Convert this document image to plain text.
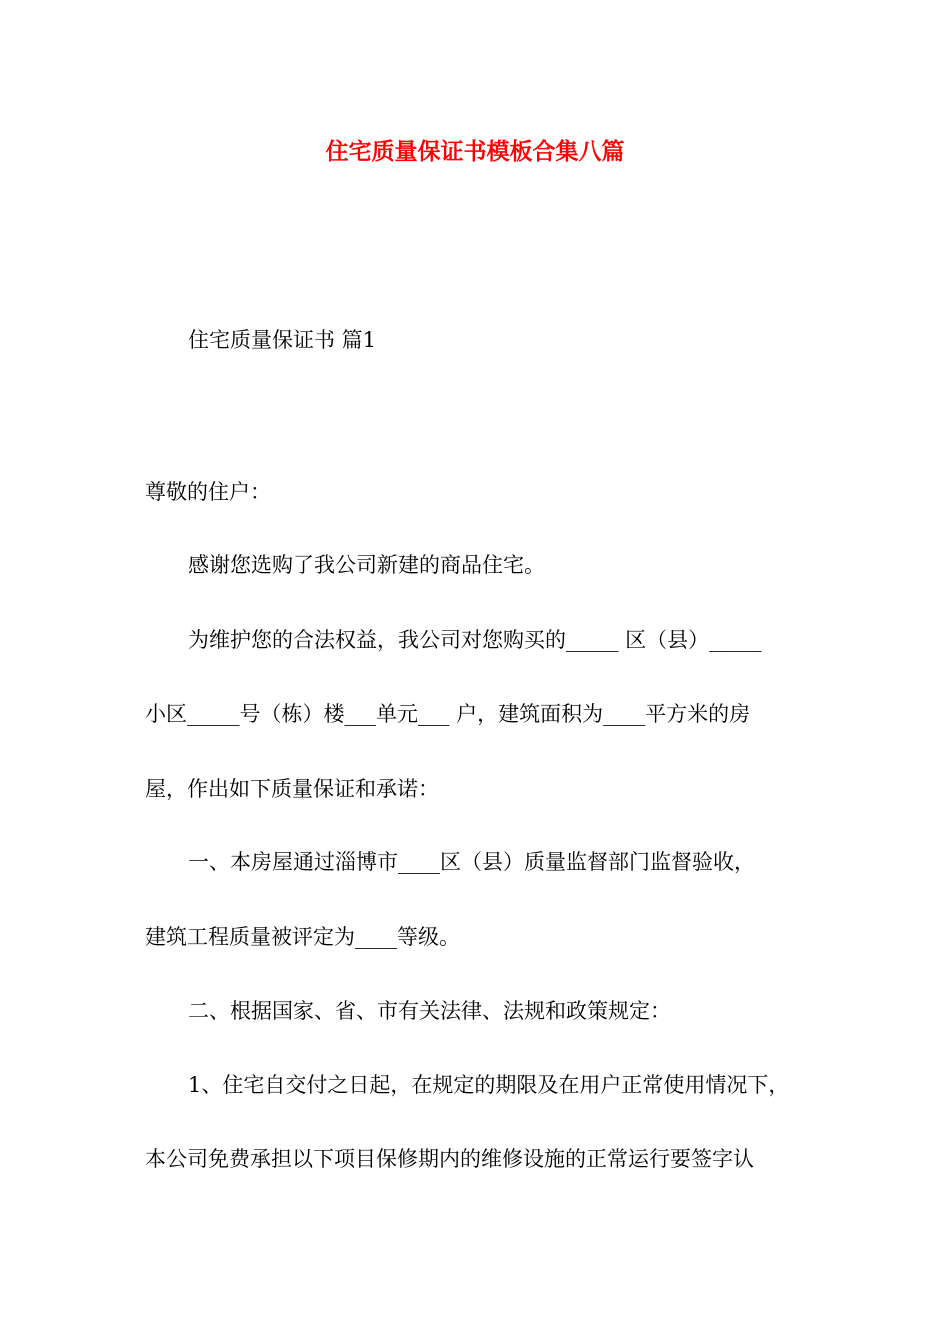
住宅质量保证书模板合集八篇
住宅质量保证书 篇1
尊敬的住户：
感谢您选购了我公司新建的商品住宅。
为维护您的合法权益，我公司对您购买的_____ 区（县）_____
小区_____号（栋）楼___单元___ 户，建筑面积为____平方米的房
屋，作出如下质量保证和承诺：
一、本房屋通过淄博市____区（县）质量监督部门监督验收，
建筑工程质量被评定为____等级。
二、根据国家、省、市有关法律、法规和政策规定：
1、住宅自交付之日起，在规定的期限及在用户正常使用情况下，
本公司免费承担以下项目保修期内的维修设施的正常运行要签字认
